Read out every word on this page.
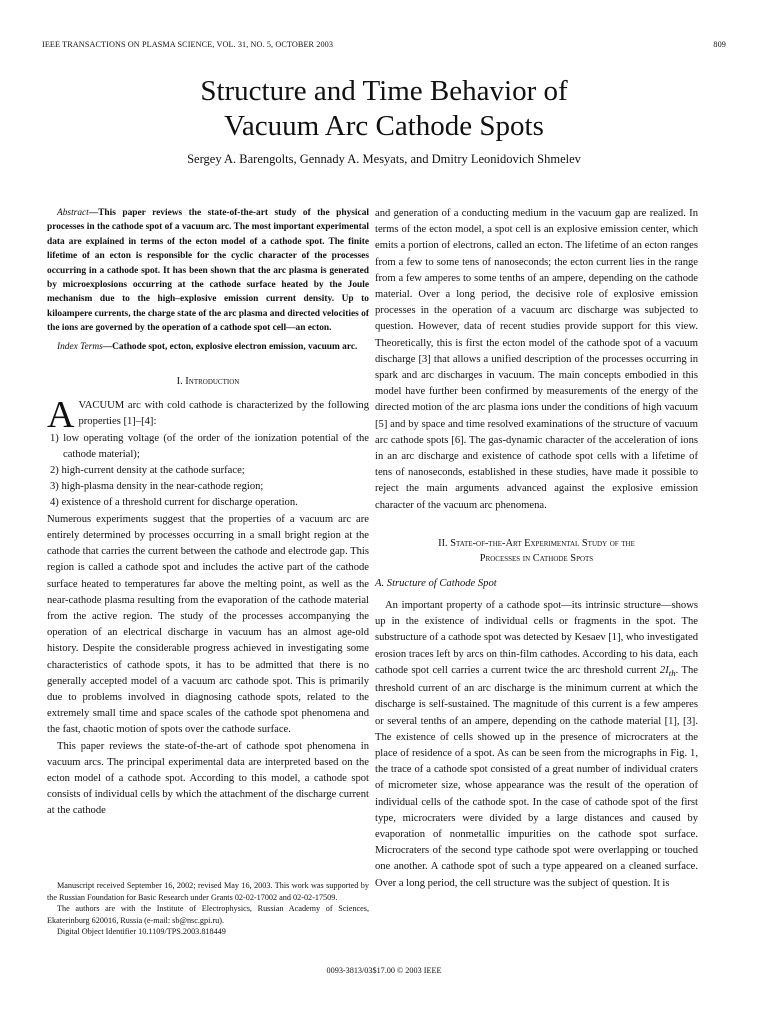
IEEE TRANSACTIONS ON PLASMA SCIENCE, VOL. 31, NO. 5, OCTOBER 2003	809
Structure and Time Behavior of
Vacuum Arc Cathode Spots
Sergey A. Barengolts, Gennady A. Mesyats, and Dmitry Leonidovich Shmelev

Abstract—This paper reviews the state-of-the-art study of the physical processes in the cathode spot of a vacuum arc. The most important experimental data are explained in terms of the ecton model of a cathode spot. The finite lifetime of an ecton is responsible for the cyclic character of the processes occurring in a cathode spot. It has been shown that the arc plasma is generated by microexplosions occurring at the cathode surface heated by the Joule mechanism due to the high–explosive emission current density. Up to kiloampere currents, the charge state of the arc plasma and directed velocities of the ions are governed by the operation of a cathode spot cell—an ecton.

Index Terms—Cathode spot, ecton, explosive electron emission, vacuum arc.

I. Introduction

A VACUUM arc with cold cathode is characterized by the following properties [1]–[4]:

1) low operating voltage (of the order of the ionization potential of the cathode material);
2) high-current density at the cathode surface;
3) high-plasma density in the near-cathode region;
4) existence of a threshold current for discharge operation.

Numerous experiments suggest that the properties of a vacuum arc are entirely determined by processes occurring in a small bright region at the cathode that carries the current between the cathode and electrode gap. This region is called a cathode spot and includes the active part of the cathode surface heated to temperatures far above the melting point, as well as the near-cathode plasma resulting from the evaporation of the cathode material from the active region. The study of the processes accompanying the operation of an electrical discharge in vacuum has an almost age-old history. Despite the considerable progress achieved in investigating some characteristics of cathode spots, it has to be admitted that there is no generally accepted model of a vacuum arc cathode spot. This is primarily due to problems involved in diagnosing cathode spots, related to the extremely small time and space scales of the cathode spot phenomena and the fast, chaotic motion of spots over the cathode surface.

This paper reviews the state-of-the-art of cathode spot phenomena in vacuum arcs. The principal experimental data are interpreted based on the ecton model of a cathode spot. According to this model, a cathode spot consists of individual cells by which the attachment of the discharge current at the cathode

and generation of a conducting medium in the vacuum gap are realized. In terms of the ecton model, a spot cell is an explosive emission center, which emits a portion of electrons, called an ecton. The lifetime of an ecton ranges from a few to some tens of nanoseconds; the ecton current lies in the range from a few amperes to some tenths of an ampere, depending on the cathode material. Over a long period, the decisive role of explosive emission processes in the operation of a vacuum arc discharge was subjected to question. However, data of recent studies provide support for this view. Theoretically, this is first the ecton model of the cathode spot of a vacuum discharge [3] that allows a unified description of the processes occurring in spark and arc discharges in vacuum. The main concepts embodied in this model have further been confirmed by measurements of the energy of the directed motion of the arc plasma ions under the conditions of high vacuum [5] and by space and time resolved examinations of the structure of vacuum arc cathode spots [6]. The gas-dynamic character of the acceleration of ions in an arc discharge and existence of cathode spot cells with a lifetime of tens of nanoseconds, established in these studies, have made it possible to reject the main arguments advanced against the explosive emission character of the vacuum arc phenomena.

II. State-of-the-Art Experimental Study of the
Processes in Cathode Spots

A. Structure of Cathode Spot

An important property of a cathode spot—its intrinsic structure—shows up in the existence of individual cells or fragments in the spot. The substructure of a cathode spot was detected by Kesaev [1], who investigated erosion traces left by arcs on thin-film cathodes. According to his data, each cathode spot cell carries a current twice the arc threshold current $2I_{th}$. The threshold current of an arc discharge is the minimum current at which the discharge is self-sustained. The magnitude of this current is a few amperes or several tenths of an ampere, depending on the cathode material [1], [3]. The existence of cells showed up in the presence of microcraters at the place of residence of a spot. As can be seen from the micrographs in Fig. 1, the trace of a cathode spot consisted of a great number of individual craters of micrometer size, whose appearance was the result of the operation of individual cells of the cathode spot. In the case of cathode spot of the first type, microcraters were divided by a large distances and caused by evaporation of nonmetallic impurities on the cathode spot surface. Microcraters of the second type cathode spot were overlapping or touched one another. A cathode spot of such a type appeared on a cleaned surface. Over a long period, the cell structure was the subject of question. It is

Manuscript received September 16, 2002; revised May 16, 2003. This work was supported by the Russian Foundation for Basic Research under Grants 02-02-17002 and 02-02-17509.

The authors are with the Institute of Electrophysics, Russian Academy of Sciences, Ekaterinburg 620016, Russia (e-mail: sb@nsc.gpi.ru).

Digital Object Identifier 10.1109/TPS.2003.818449

0093-3813/03$17.00 © 2003 IEEE
